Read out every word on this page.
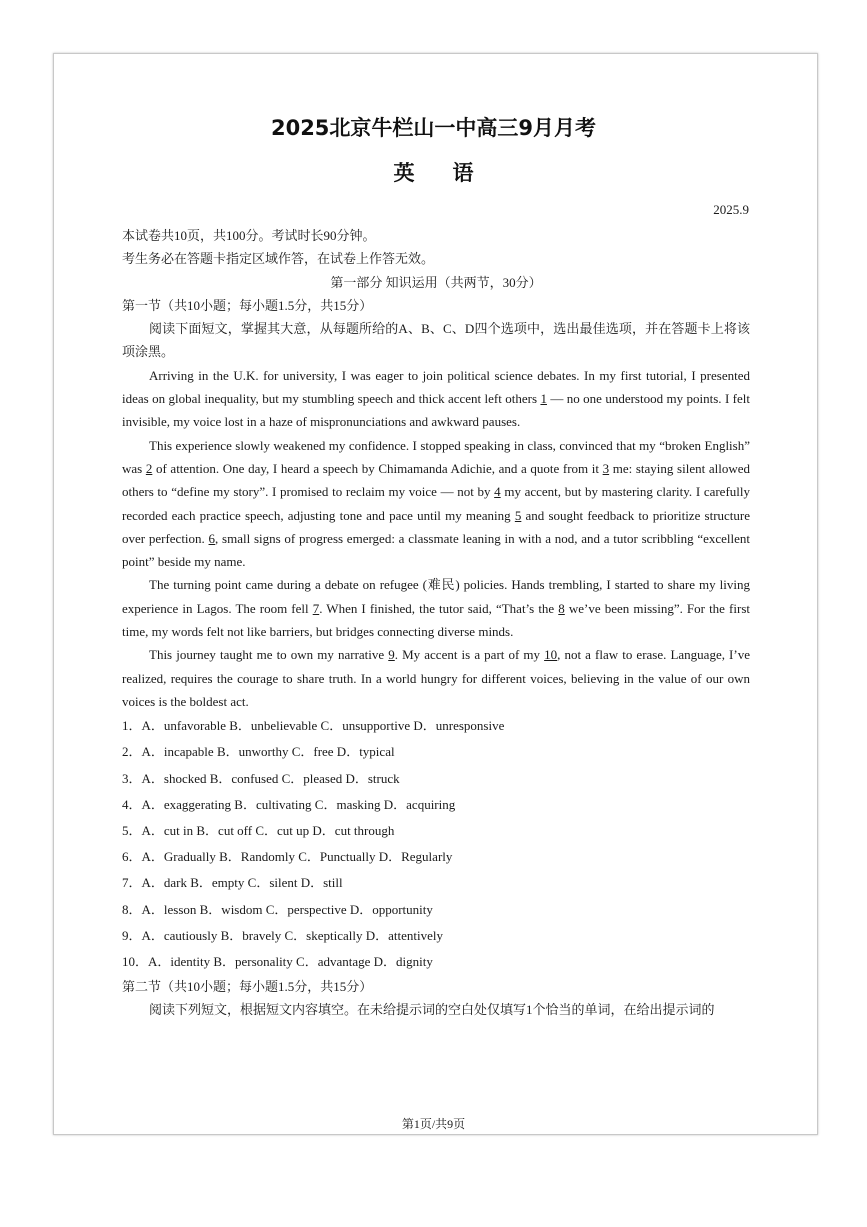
2025北京牛栏山一中高三9月月考
英语
2025.9

本试卷共10页，共100分。考试时长90分钟。

考生务必在答题卡指定区域作答，在试卷上作答无效。

第一部分 知识运用（共两节，30分）

第一节（共10小题；每小题1.5分，共15分）

阅读下面短文，掌握其大意，从每题所给的A、B、C、D四个选项中，选出最佳选项，并在答题卡上将该项涂黑。

Arriving in the U.K. for university, I was eager to join political science debates. In my first tutorial, I presented ideas on global inequality, but my stumbling speech and thick accent left others 1 — no one understood my points. I felt invisible, my voice lost in a haze of mispronunciations and awkward pauses.

This experience slowly weakened my confidence. I stopped speaking in class, convinced that my “broken English” was 2 of attention. One day, I heard a speech by Chimamanda Adichie, and a quote from it 3 me: staying silent allowed others to “define my story”. I promised to reclaim my voice — not by 4 my accent, but by mastering clarity. I carefully recorded each practice speech, adjusting tone and pace until my meaning 5 and sought feedback to prioritize structure over perfection. 6, small signs of progress emerged: a classmate leaning in with a nod, and a tutor scribbling “excellent point” beside my name.

The turning point came during a debate on refugee (难民) policies. Hands trembling, I started to share my living experience in Lagos. The room fell 7. When I finished, the tutor said, “That’s the 8 we’ve been missing”. For the first time, my words felt not like barriers, but bridges connecting diverse minds.

This journey taught me to own my narrative 9. My accent is a part of my 10, not a flaw to erase. Language, I’ve realized, requires the courage to share truth. In a world hungry for different voices, believing in the value of our own voices is the boldest act.

1．A．unfavorable B．unbelievable C．unsupportive D．unresponsive

2．A．incapable B．unworthy C．free D．typical

3．A．shocked B．confused C．pleased D．struck

4．A．exaggerating B．cultivating C．masking D．acquiring

5．A．cut in B．cut off C．cut up D．cut through

6．A．Gradually B．Randomly C．Punctually D．Regularly

7．A．dark B．empty C．silent D．still

8．A．lesson B．wisdom C．perspective D．opportunity

9．A．cautiously B．bravely C．skeptically D．attentively

10．A．identity B．personality C．advantage D．dignity

第二节（共10小题；每小题1.5分，共15分）

阅读下列短文，根据短文内容填空。在未给提示词的空白处仅填写1个恰当的单词，在给出提示词的

第1页/共9页
